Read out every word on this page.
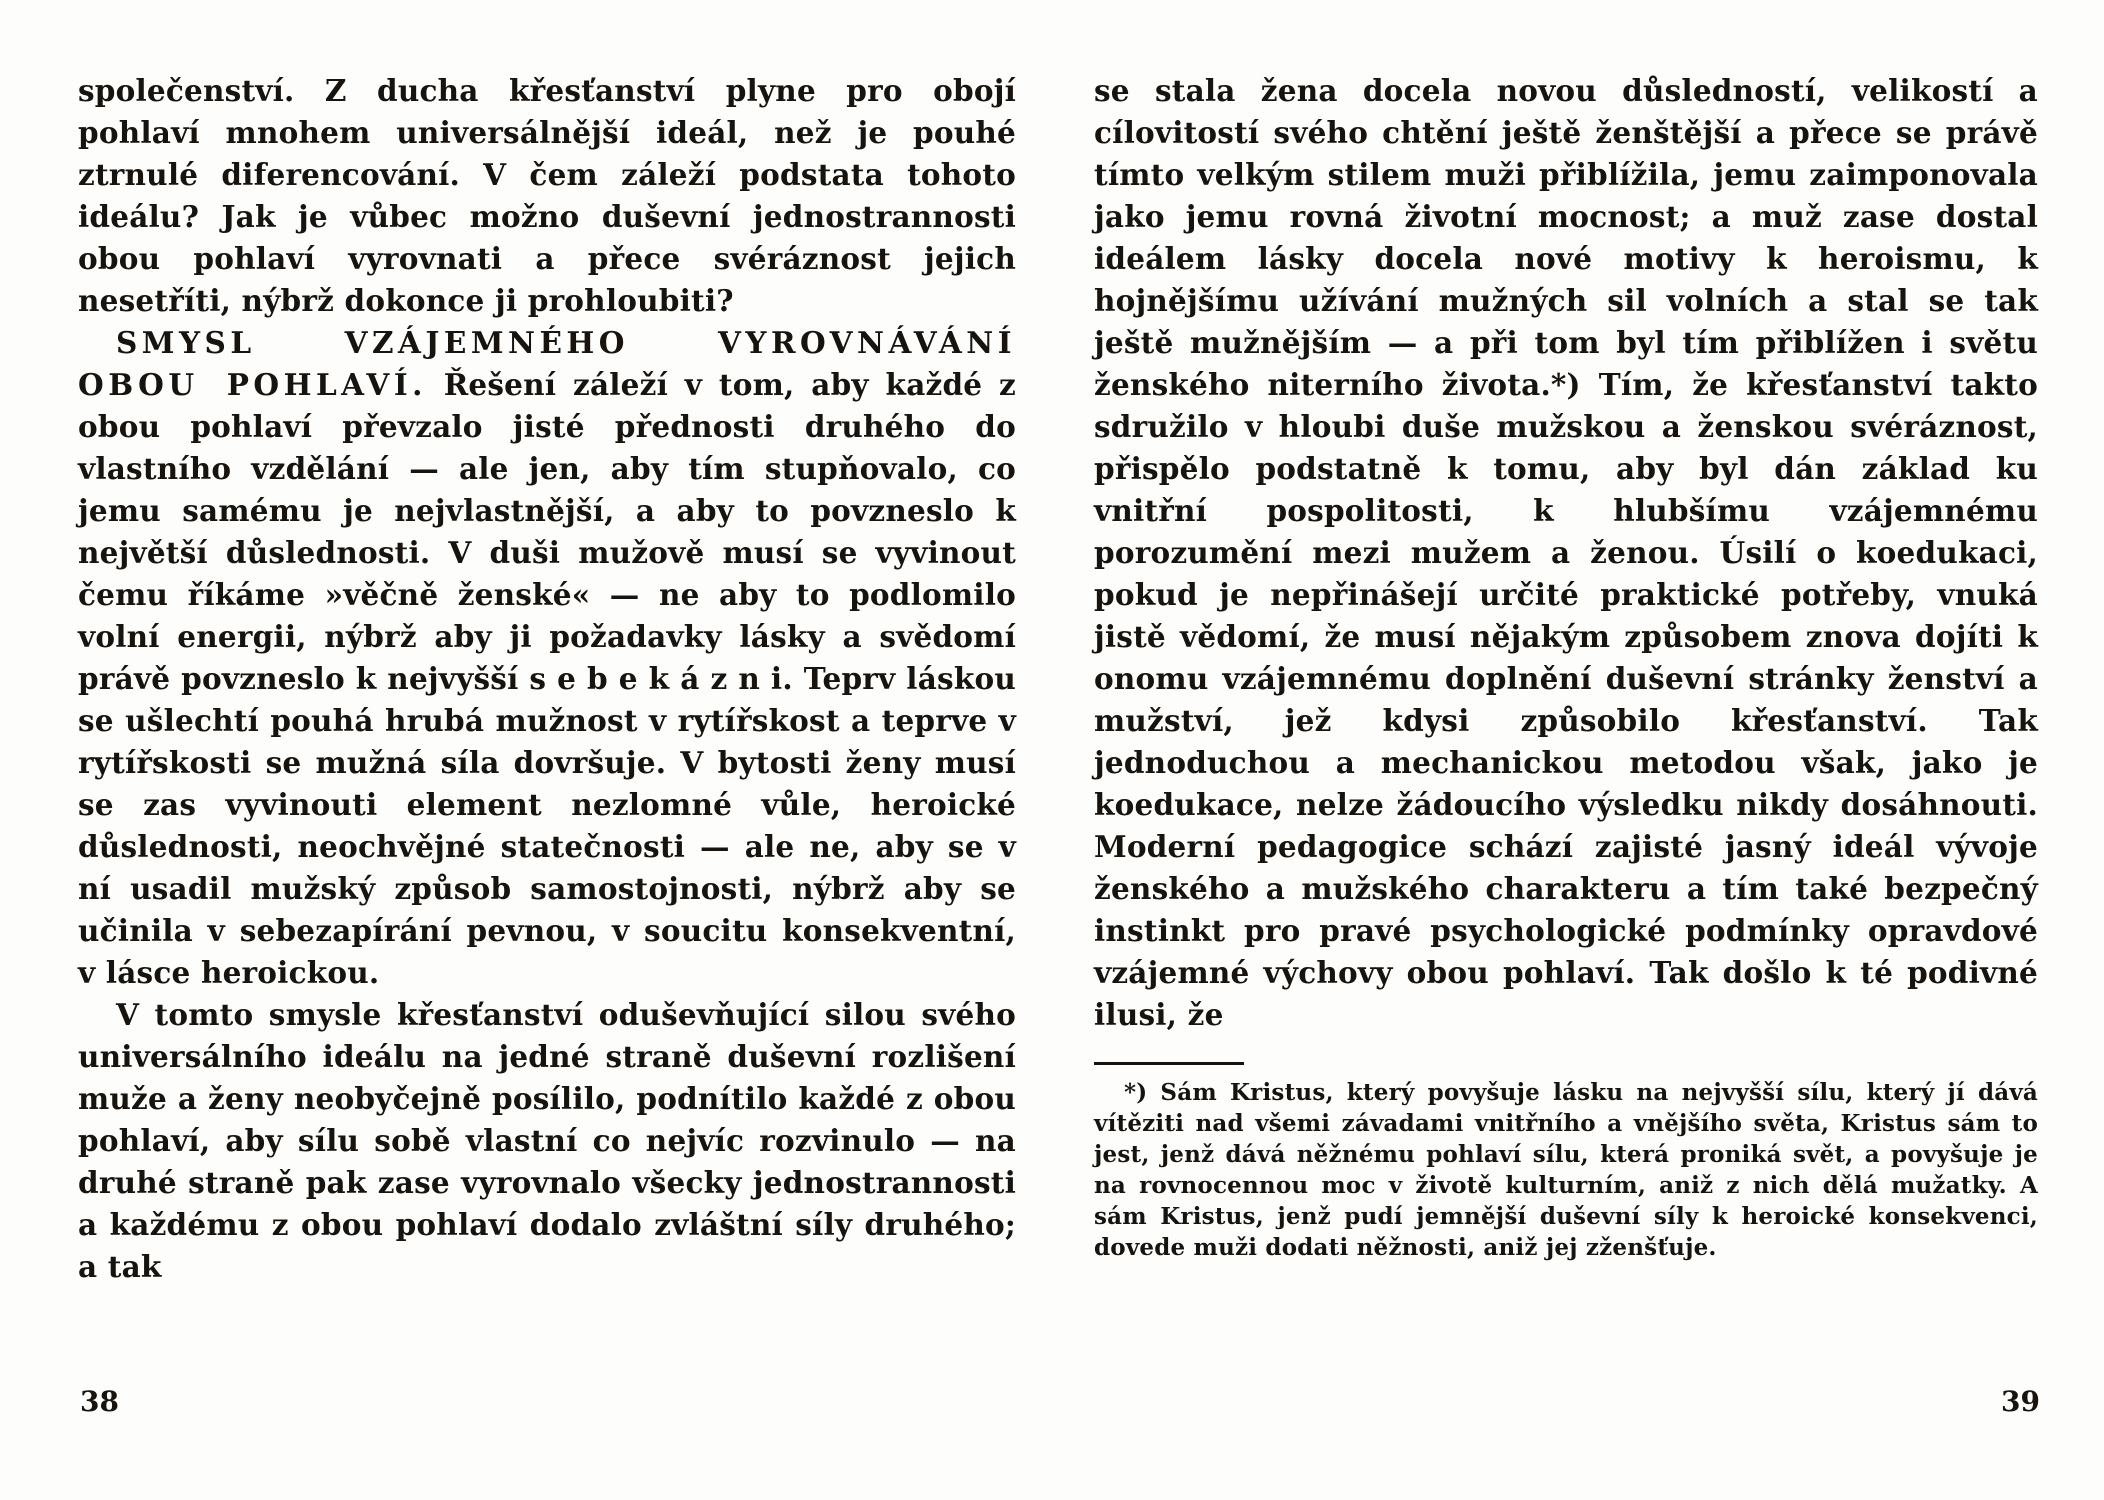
společenství. Z ducha křesťanství plyne pro obojí pohlaví mnohem universálnější ideál, než je pouhé ztrnulé diferencování. V čem záleží podstata tohoto ideálu? Jak je vůbec možno duševní jednostrannosti obou pohlaví vyrovnati a přece svéráznost jejich nesetříti, nýbrž dokonce ji prohloubiti?

SMYSL VZÁJEMNÉHO VYROVNÁVÁNÍ OBOU POHLAVÍ. Řešení záleží v tom, aby každé z obou pohlaví převzalo jisté přednosti druhého do vlastního vzdělání — ale jen, aby tím stupňovalo, co jemu samému je nejvlastnější, a aby to povzneslo k největší důslednosti. V duši mužově musí se vyvinout čemu říkáme »věčně ženské« — ne aby to podlomilo volní energii, nýbrž aby ji požadavky lásky a svědomí právě povzneslo k nejvyšší s e b e k á z n i. Teprv láskou se ušlechtí pouhá hrubá mužnost v rytířskost a teprve v rytířskosti se mužná síla dovršuje. V bytosti ženy musí se zas vyvinouti element nezlomné vůle, heroické důslednosti, neochvějné statečnosti — ale ne, aby se v ní usadil mužský způsob samostojnosti, nýbrž aby se učinila v sebezapírání pevnou, v soucitu konsekventní, v lásce heroickou.

V tomto smysle křesťanství oduševňující silou svého universálního ideálu na jedné straně duševní rozlišení muže a ženy neobyčejně posílilo, podnítilo každé z obou pohlaví, aby sílu sobě vlastní co nejvíc rozvinulo — na druhé straně pak zase vyrovnalo všecky jednostrannosti a každému z obou pohlaví dodalo zvláštní síly druhého; a tak

se stala žena docela novou důsledností, velikostí a cílovitostí svého chtění ještě ženštější a přece se právě tímto velkým stilem muži přiblížila, jemu zaimponovala jako jemu rovná životní mocnost; a muž zase dostal ideálem lásky docela nové motivy k heroismu, k hojnějšímu užívání mužných sil volních a stal se tak ještě mužnějším — a při tom byl tím přiblížen i světu ženského niterního života.*) Tím, že křesťanství takto sdružilo v hloubi duše mužskou a ženskou svéráznost, přispělo podstatně k tomu, aby byl dán základ ku vnitřní pospolitosti, k hlubšímu vzájemnému porozumění mezi mužem a ženou. Úsilí o koedukaci, pokud je nepřinášejí určité praktické potřeby, vnuká jistě vědomí, že musí nějakým způsobem znova dojíti k onomu vzájemnému doplnění duševní stránky ženství a mužství, jež kdysi způsobilo křesťanství. Tak jednoduchou a mechanickou metodou však, jako je koedukace, nelze žádoucího výsledku nikdy dosáhnouti. Moderní pedagogice schází zajisté jasný ideál vývoje ženského a mužského charakteru a tím také bezpečný instinkt pro pravé psychologické podmínky opravdové vzájemné výchovy obou pohlaví. Tak došlo k té podivné ilusi, že

*) Sám Kristus, který povyšuje lásku na nejvyšší sílu, který jí dává vítěziti nad všemi závadami vnitřního a vnějšího světa, Kristus sám to jest, jenž dává něžnému pohlaví sílu, která proniká svět, a povyšuje je na rovnocennou moc v životě kulturním, aniž z nich dělá mužatky. A sám Kristus, jenž pudí jemnější duševní síly k heroické konsekvenci, dovede muži dodati něžnosti, aniž jej zženšťuje.

38	39
